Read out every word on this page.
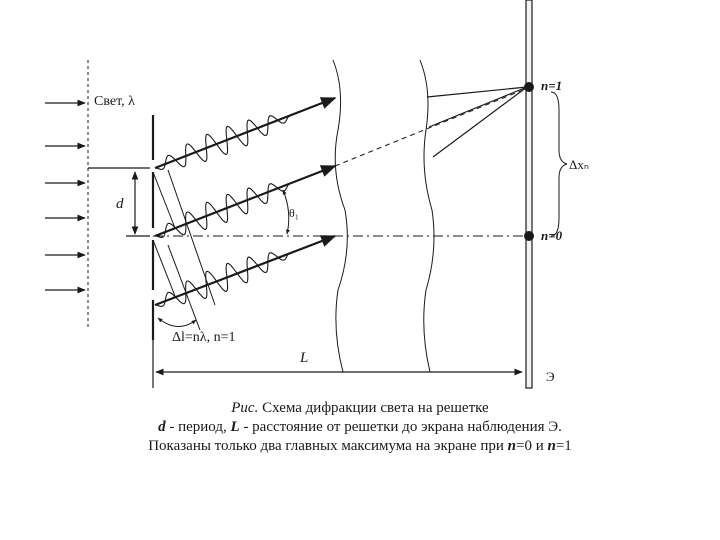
Свет, λ
d
θ₁
Δxₙ
Δl=nλ, n=1
L
Э
n=1
n=0
Рис. Схема дифракции света на решетке
d - период, L - расстояние от решетки до экрана наблюдения Э.
Показаны только два главных максимума на экране при n=0 и n=1
